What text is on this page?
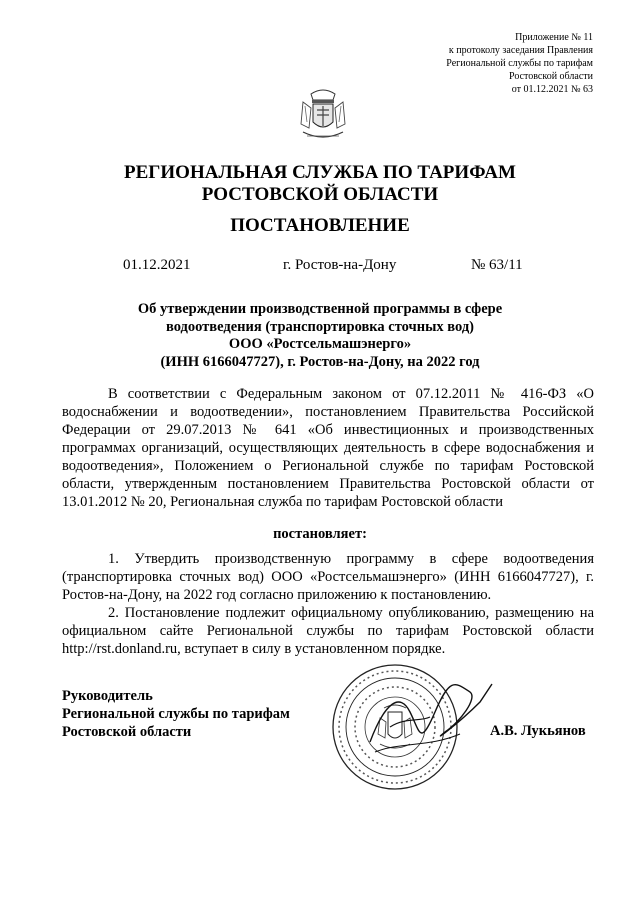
Приложение № 11
к протоколу заседания Правления
Региональной службы по тарифам
Ростовской области
от 01.12.2021 № 63
РЕГИОНАЛЬНАЯ СЛУЖБА ПО ТАРИФАМ
РОСТОВСКОЙ ОБЛАСТИ
ПОСТАНОВЛЕНИЕ
01.12.2021	г. Ростов-на-Дону	№ 63/11
Об утверждении производственной программы в сфере
водоотведения (транспортировка сточных вод)
ООО «Ростсельмашэнерго»
(ИНН 6166047727), г. Ростов-на-Дону, на 2022 год
В соответствии с Федеральным законом от 07.12.2011 № 416-ФЗ «О водоснабжении и водоотведении», постановлением Правительства Российской Федерации от 29.07.2013 № 641 «Об инвестиционных и производственных программах организаций, осуществляющих деятельность в сфере водоснабжения и водоотведения», Положением о Региональной службе по тарифам Ростовской области, утвержденным постановлением Правительства Ростовской области от 13.01.2012 № 20, Региональная служба по тарифам Ростовской области
постановляет:
1. Утвердить производственную программу в сфере водоотведения (транспортировка сточных вод) ООО «Ростсельмашэнерго» (ИНН 6166047727), г. Ростов-на-Дону, на 2022 год согласно приложению к постановлению.
2. Постановление подлежит официальному опубликованию, размещению на официальном сайте Региональной службы по тарифам Ростовской области http://rst.donland.ru, вступает в силу в установленном порядке.
Руководитель
Региональной службы по тарифам
Ростовской области	А.В. Лукьянов
